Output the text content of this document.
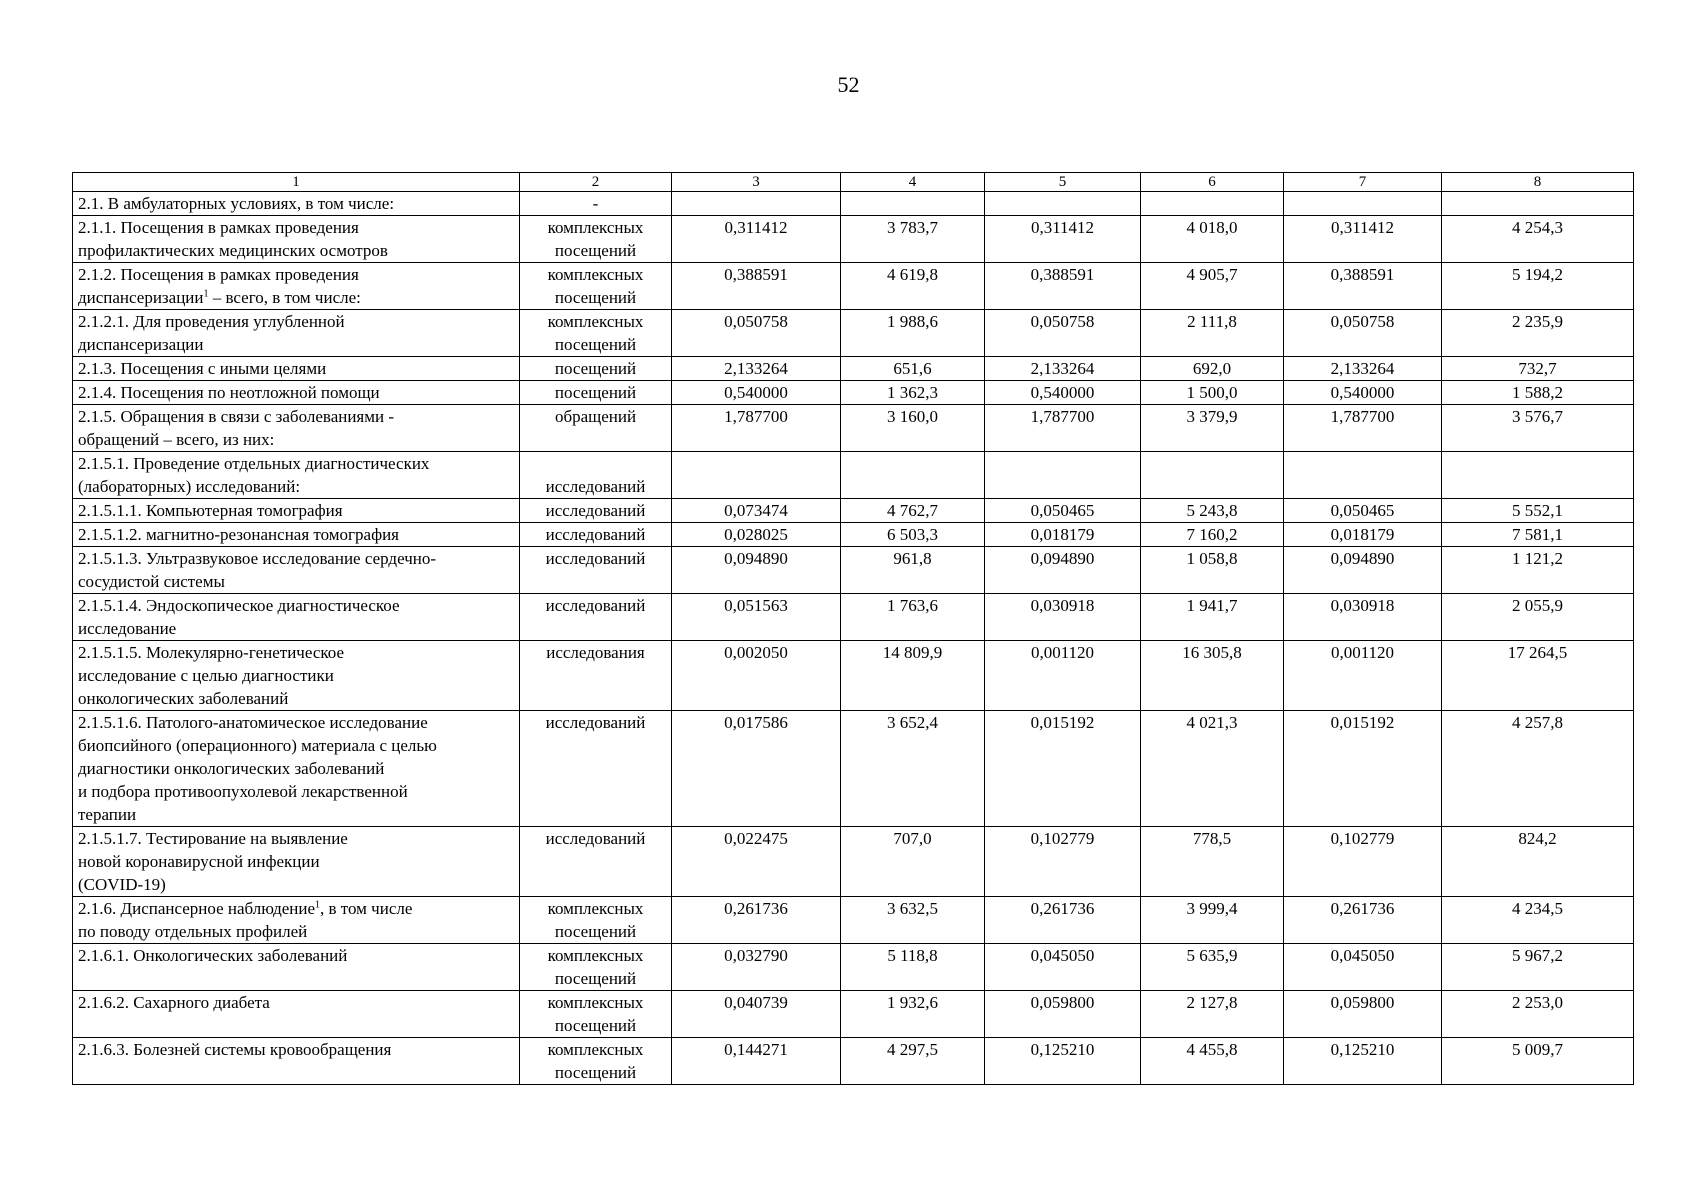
52
1	2	3	4	5	6	7	8
2.1. В амбулаторных условиях, в том числе:	-						
2.1.1. Посещения в рамках проведения
профилактических медицинских осмотров	комплексных
посещений	0,311412	3 783,7	0,311412	4 018,0	0,311412	4 254,3
2.1.2. Посещения в рамках проведения
диспансеризации$^1$ – всего, в том числе:	комплексных
посещений	0,388591	4 619,8	0,388591	4 905,7	0,388591	5 194,2
2.1.2.1. Для проведения углубленной
диспансеризации	комплексных
посещений	0,050758	1 988,6	0,050758	2 111,8	0,050758	2 235,9
2.1.3. Посещения с иными целями	посещений	2,133264	651,6	2,133264	692,0	2,133264	732,7
2.1.4. Посещения по неотложной помощи	посещений	0,540000	1 362,3	0,540000	1 500,0	0,540000	1 588,2
2.1.5. Обращения в связи с заболеваниями -
обращений – всего, из них:	обращений	1,787700	3 160,0	1,787700	3 379,9	1,787700	3 576,7
2.1.5.1. Проведение отдельных диагностических
(лабораторных) исследований:	исследований						
2.1.5.1.1. Компьютерная томография	исследований	0,073474	4 762,7	0,050465	5 243,8	0,050465	5 552,1
2.1.5.1.2. магнитно-резонансная томография	исследований	0,028025	6 503,3	0,018179	7 160,2	0,018179	7 581,1
2.1.5.1.3. Ультразвуковое исследование сердечно-
сосудистой системы	исследований	0,094890	961,8	0,094890	1 058,8	0,094890	1 121,2
2.1.5.1.4. Эндоскопическое диагностическое
исследование	исследований	0,051563	1 763,6	0,030918	1 941,7	0,030918	2 055,9
2.1.5.1.5. Молекулярно-генетическое
исследование с целью диагностики
онкологических заболеваний	исследования	0,002050	14 809,9	0,001120	16 305,8	0,001120	17 264,5
2.1.5.1.6. Патолого-анатомическое исследование
биопсийного (операционного) материала с целью
диагностики онкологических заболеваний
и подбора противоопухолевой лекарственной
терапии	исследований	0,017586	3 652,4	0,015192	4 021,3	0,015192	4 257,8
2.1.5.1.7. Тестирование на выявление
новой коронавирусной инфекции
(COVID-19)	исследований	0,022475	707,0	0,102779	778,5	0,102779	824,2
2.1.6. Диспансерное наблюдение$^1$, в том числе
по поводу отдельных профилей	комплексных
посещений	0,261736	3 632,5	0,261736	3 999,4	0,261736	4 234,5
2.1.6.1. Онкологических заболеваний	комплексных
посещений	0,032790	5 118,8	0,045050	5 635,9	0,045050	5 967,2
2.1.6.2. Сахарного диабета	комплексных
посещений	0,040739	1 932,6	0,059800	2 127,8	0,059800	2 253,0
2.1.6.3. Болезней системы кровообращения	комплексных
посещений	0,144271	4 297,5	0,125210	4 455,8	0,125210	5 009,7
